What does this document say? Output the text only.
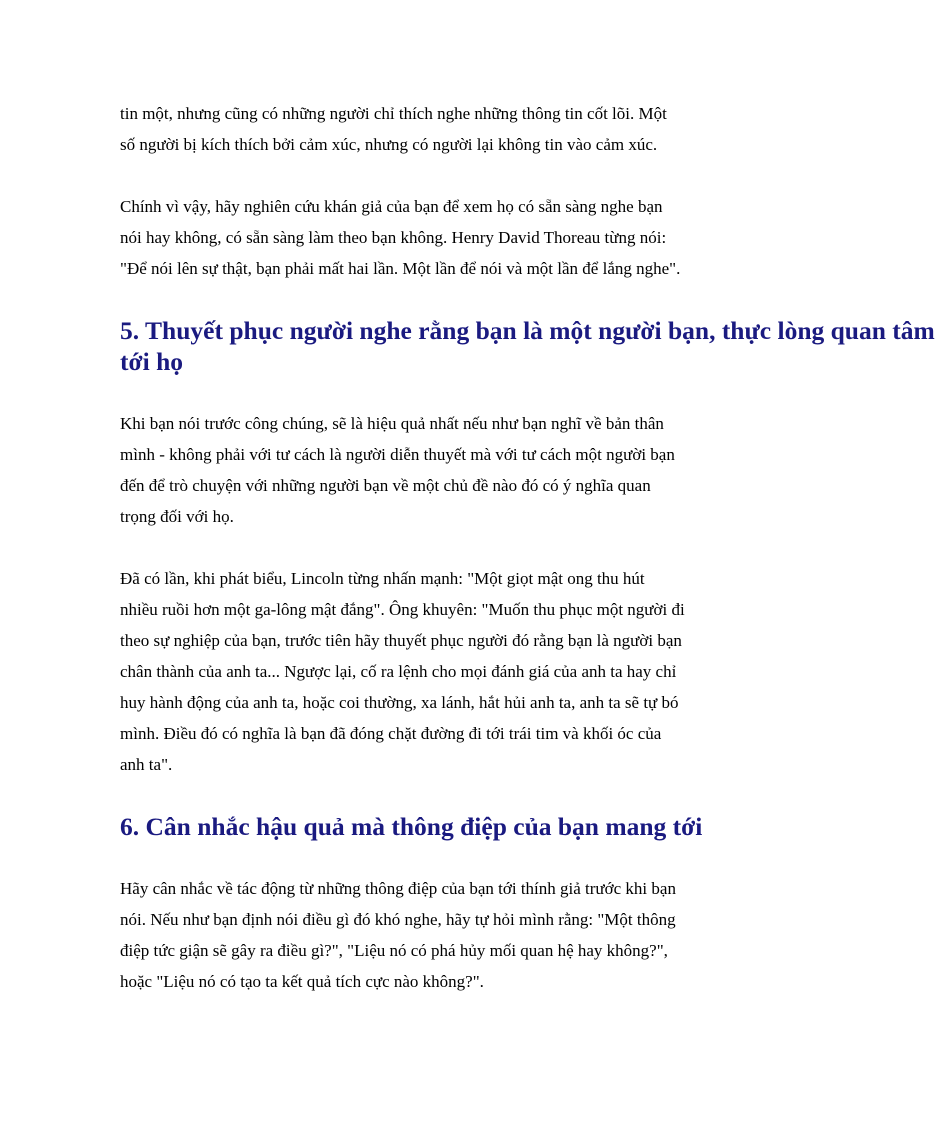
tin một, nhưng cũng có những người chỉ thích nghe những thông tin cốt lõi. Một
số người bị kích thích bởi cảm xúc, nhưng có người lại không tin vào cảm xúc.

Chính vì vậy, hãy nghiên cứu khán giả của bạn để xem họ có sẵn sàng nghe bạn
nói hay không, có sẵn sàng làm theo bạn không. Henry David Thoreau từng nói:
"Để nói lên sự thật, bạn phải mất hai lần. Một lần để nói và một lần để lắng nghe".

5. Thuyết phục người nghe rằng bạn là một người bạn, thực lòng quan tâm
tới họ

Khi bạn nói trước công chúng, sẽ là hiệu quả nhất nếu như bạn nghĩ về bản thân
mình - không phải với tư cách là người diễn thuyết mà với tư cách một người bạn
đến để trò chuyện với những người bạn về một chủ đề nào đó có ý nghĩa quan
trọng đối với họ.

Đã có lần, khi phát biểu, Lincoln từng nhấn mạnh: "Một giọt mật ong thu hút
nhiều ruồi hơn một ga-lông mật đắng". Ông khuyên: "Muốn thu phục một người đi
theo sự nghiệp của bạn, trước tiên hãy thuyết phục người đó rằng bạn là người bạn
chân thành của anh ta... Ngược lại, cố ra lệnh cho mọi đánh giá của anh ta hay chỉ
huy hành động của anh ta, hoặc coi thường, xa lánh, hắt hủi anh ta, anh ta sẽ tự bó
mình. Điều đó có nghĩa là bạn đã đóng chặt đường đi tới trái tim và khối óc của
anh ta".

6. Cân nhắc hậu quả mà thông điệp của bạn mang tới

Hãy cân nhắc về tác động từ những thông điệp của bạn tới thính giả trước khi bạn
nói. Nếu như bạn định nói điều gì đó khó nghe, hãy tự hỏi mình rằng: "Một thông
điệp tức giận sẽ gây ra điều gì?", "Liệu nó có phá hủy mối quan hệ hay không?",
hoặc "Liệu nó có tạo ta kết quả tích cực nào không?".
